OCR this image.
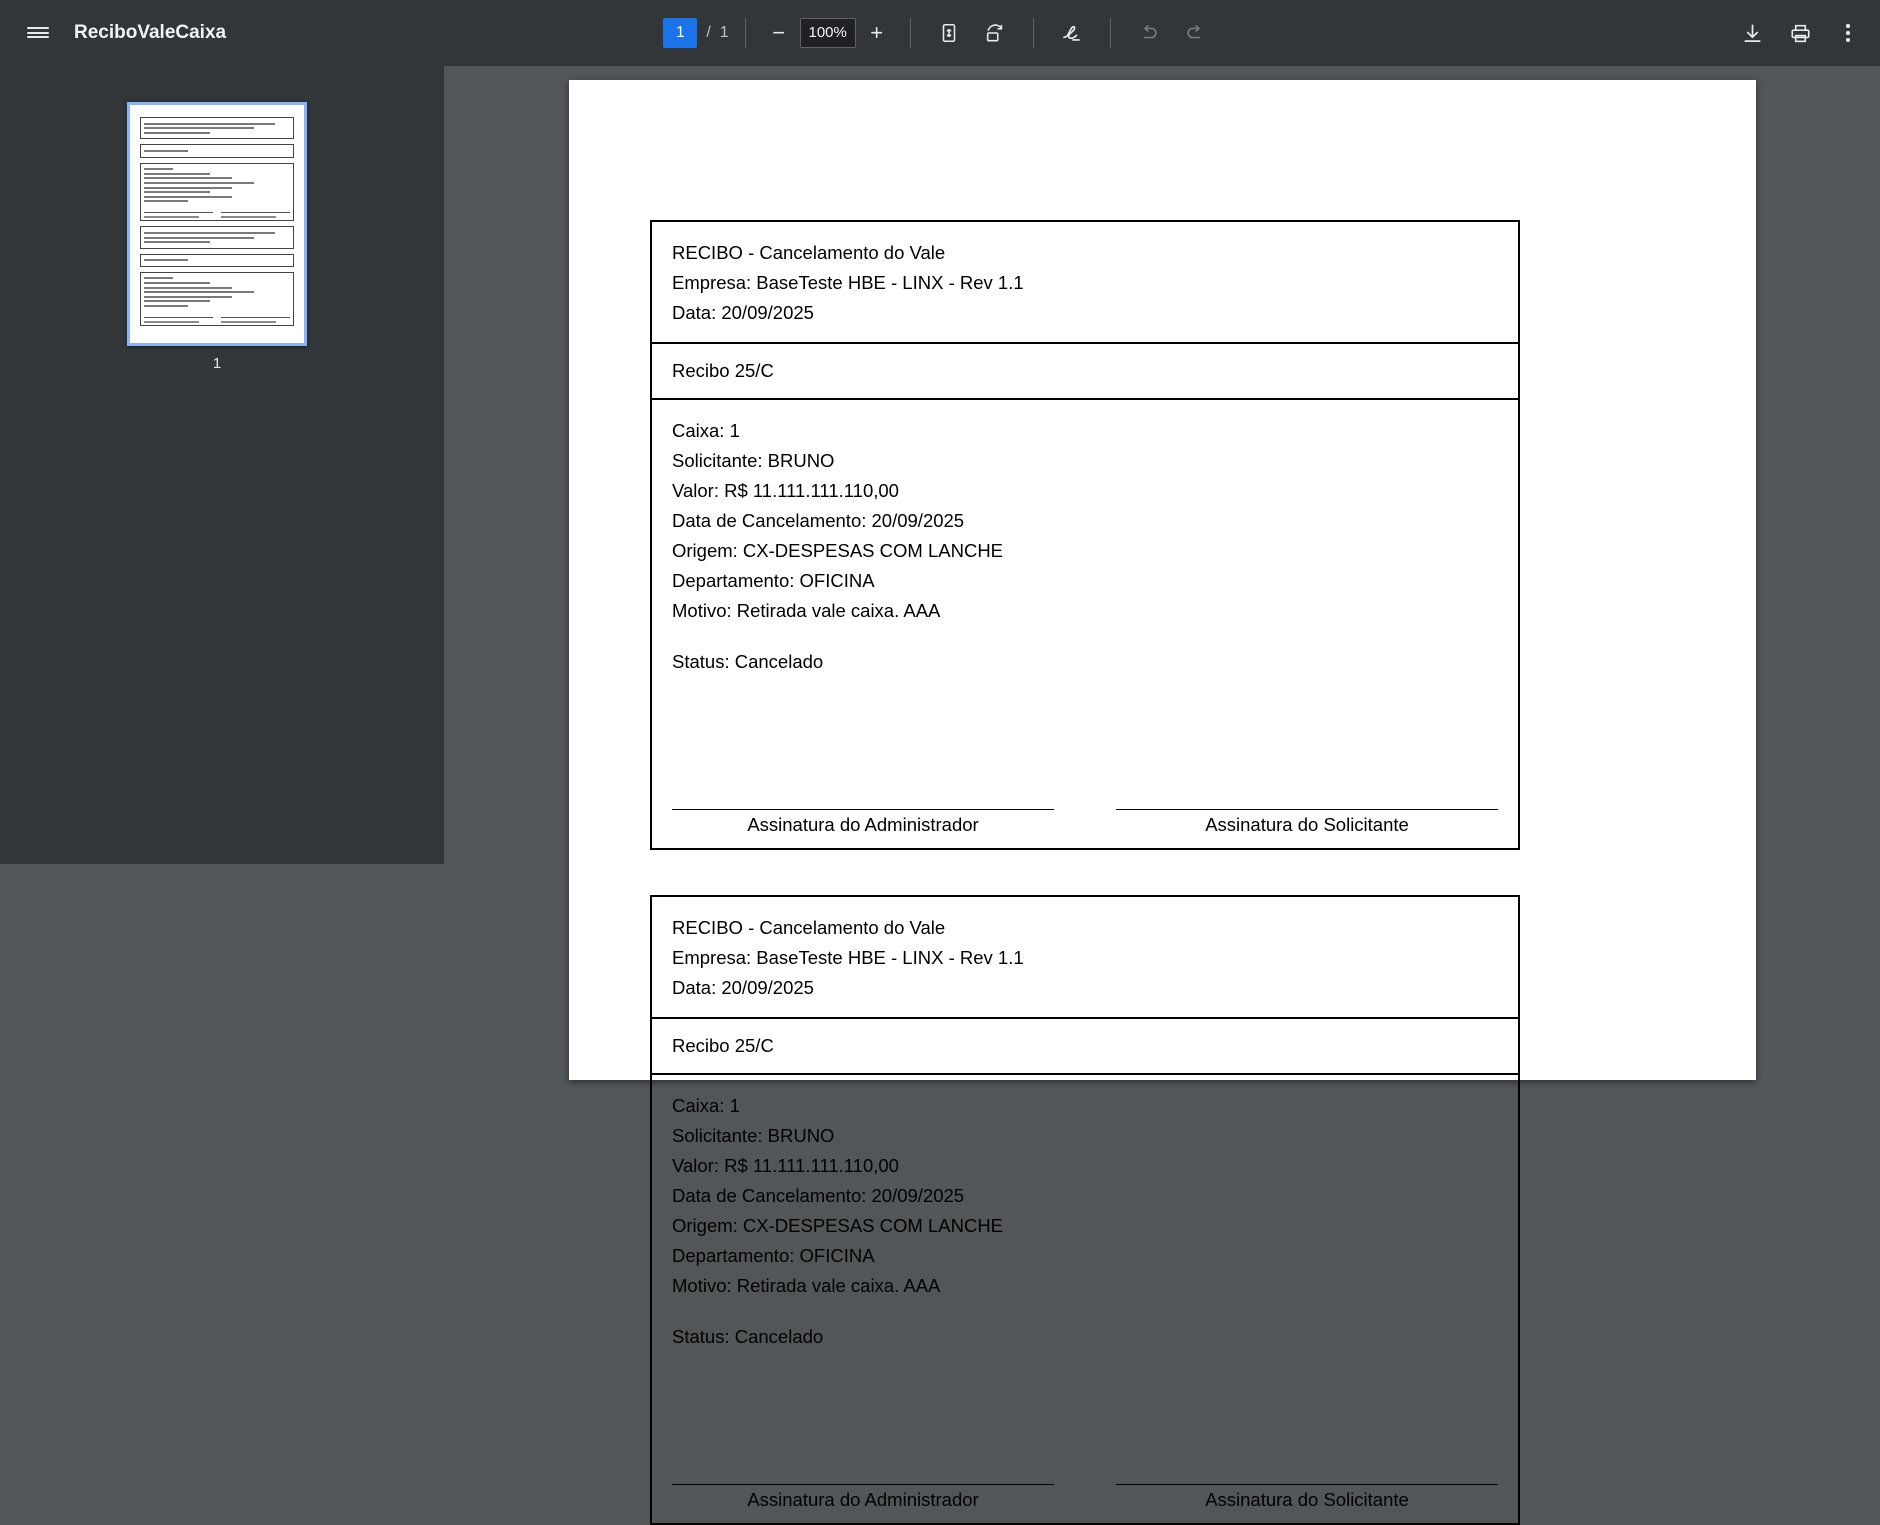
ReciboValeCaixa
1	/ 1	−	100%	+
1
RECIBO - Cancelamento do Vale
Empresa: BaseTeste HBE - LINX - Rev 1.1
Data: 20/09/2025
Recibo 25/C
Caixa: 1
Solicitante: BRUNO
Valor: R$ 11.111.111.110,00
Data de Cancelamento: 20/09/2025
Origem: CX-DESPESAS COM LANCHE
Departamento: OFICINA
Motivo: Retirada vale caixa. AAA
Status: Cancelado
Assinatura do Administrador	Assinatura do Solicitante
RECIBO - Cancelamento do Vale
Empresa: BaseTeste HBE - LINX - Rev 1.1
Data: 20/09/2025
Recibo 25/C
Caixa: 1
Solicitante: BRUNO
Valor: R$ 11.111.111.110,00
Data de Cancelamento: 20/09/2025
Origem: CX-DESPESAS COM LANCHE
Departamento: OFICINA
Motivo: Retirada vale caixa. AAA
Status: Cancelado
Assinatura do Administrador	Assinatura do Solicitante
